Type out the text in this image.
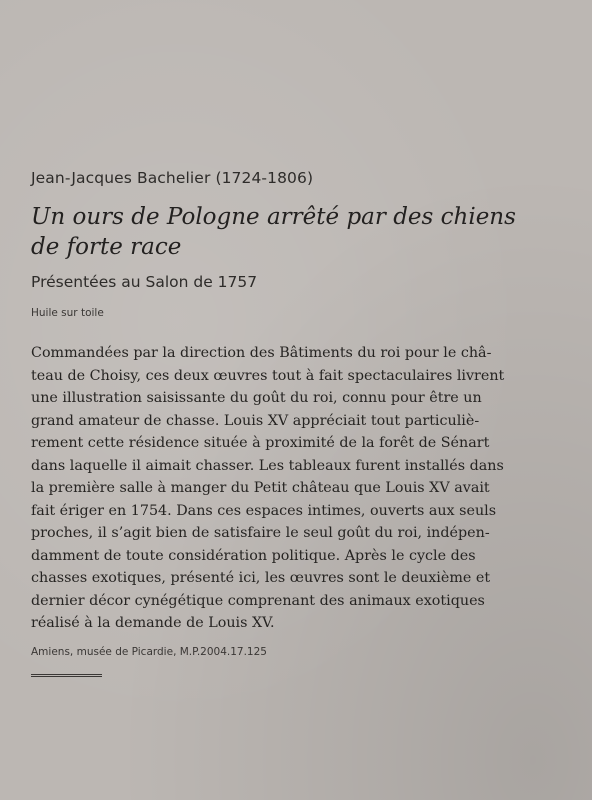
Jean-Jacques Bachelier (1724-1806)
Un ours de Pologne arrêté par des chiens
de forte race
Présentées au Salon de 1757
Huile sur toile
Commandées par la direction des Bâtiments du roi pour le châ-
teau de Choisy, ces deux œuvres tout à fait spectaculaires livrent
une illustration saisissante du goût du roi, connu pour être un
grand amateur de chasse. Louis XV appréciait tout particuliè-
rement cette résidence située à proximité de la forêt de Sénart
dans laquelle il aimait chasser. Les tableaux furent installés dans
la première salle à manger du Petit château que Louis XV avait
fait ériger en 1754. Dans ces espaces intimes, ouverts aux seuls
proches, il s’agit bien de satisfaire le seul goût du roi, indépen-
damment de toute considération politique. Après le cycle des
chasses exotiques, présenté ici, les œuvres sont le deuxième et
dernier décor cynégétique comprenant des animaux exotiques
réalisé à la demande de Louis XV.
Amiens, musée de Picardie, M.P.2004.17.125
